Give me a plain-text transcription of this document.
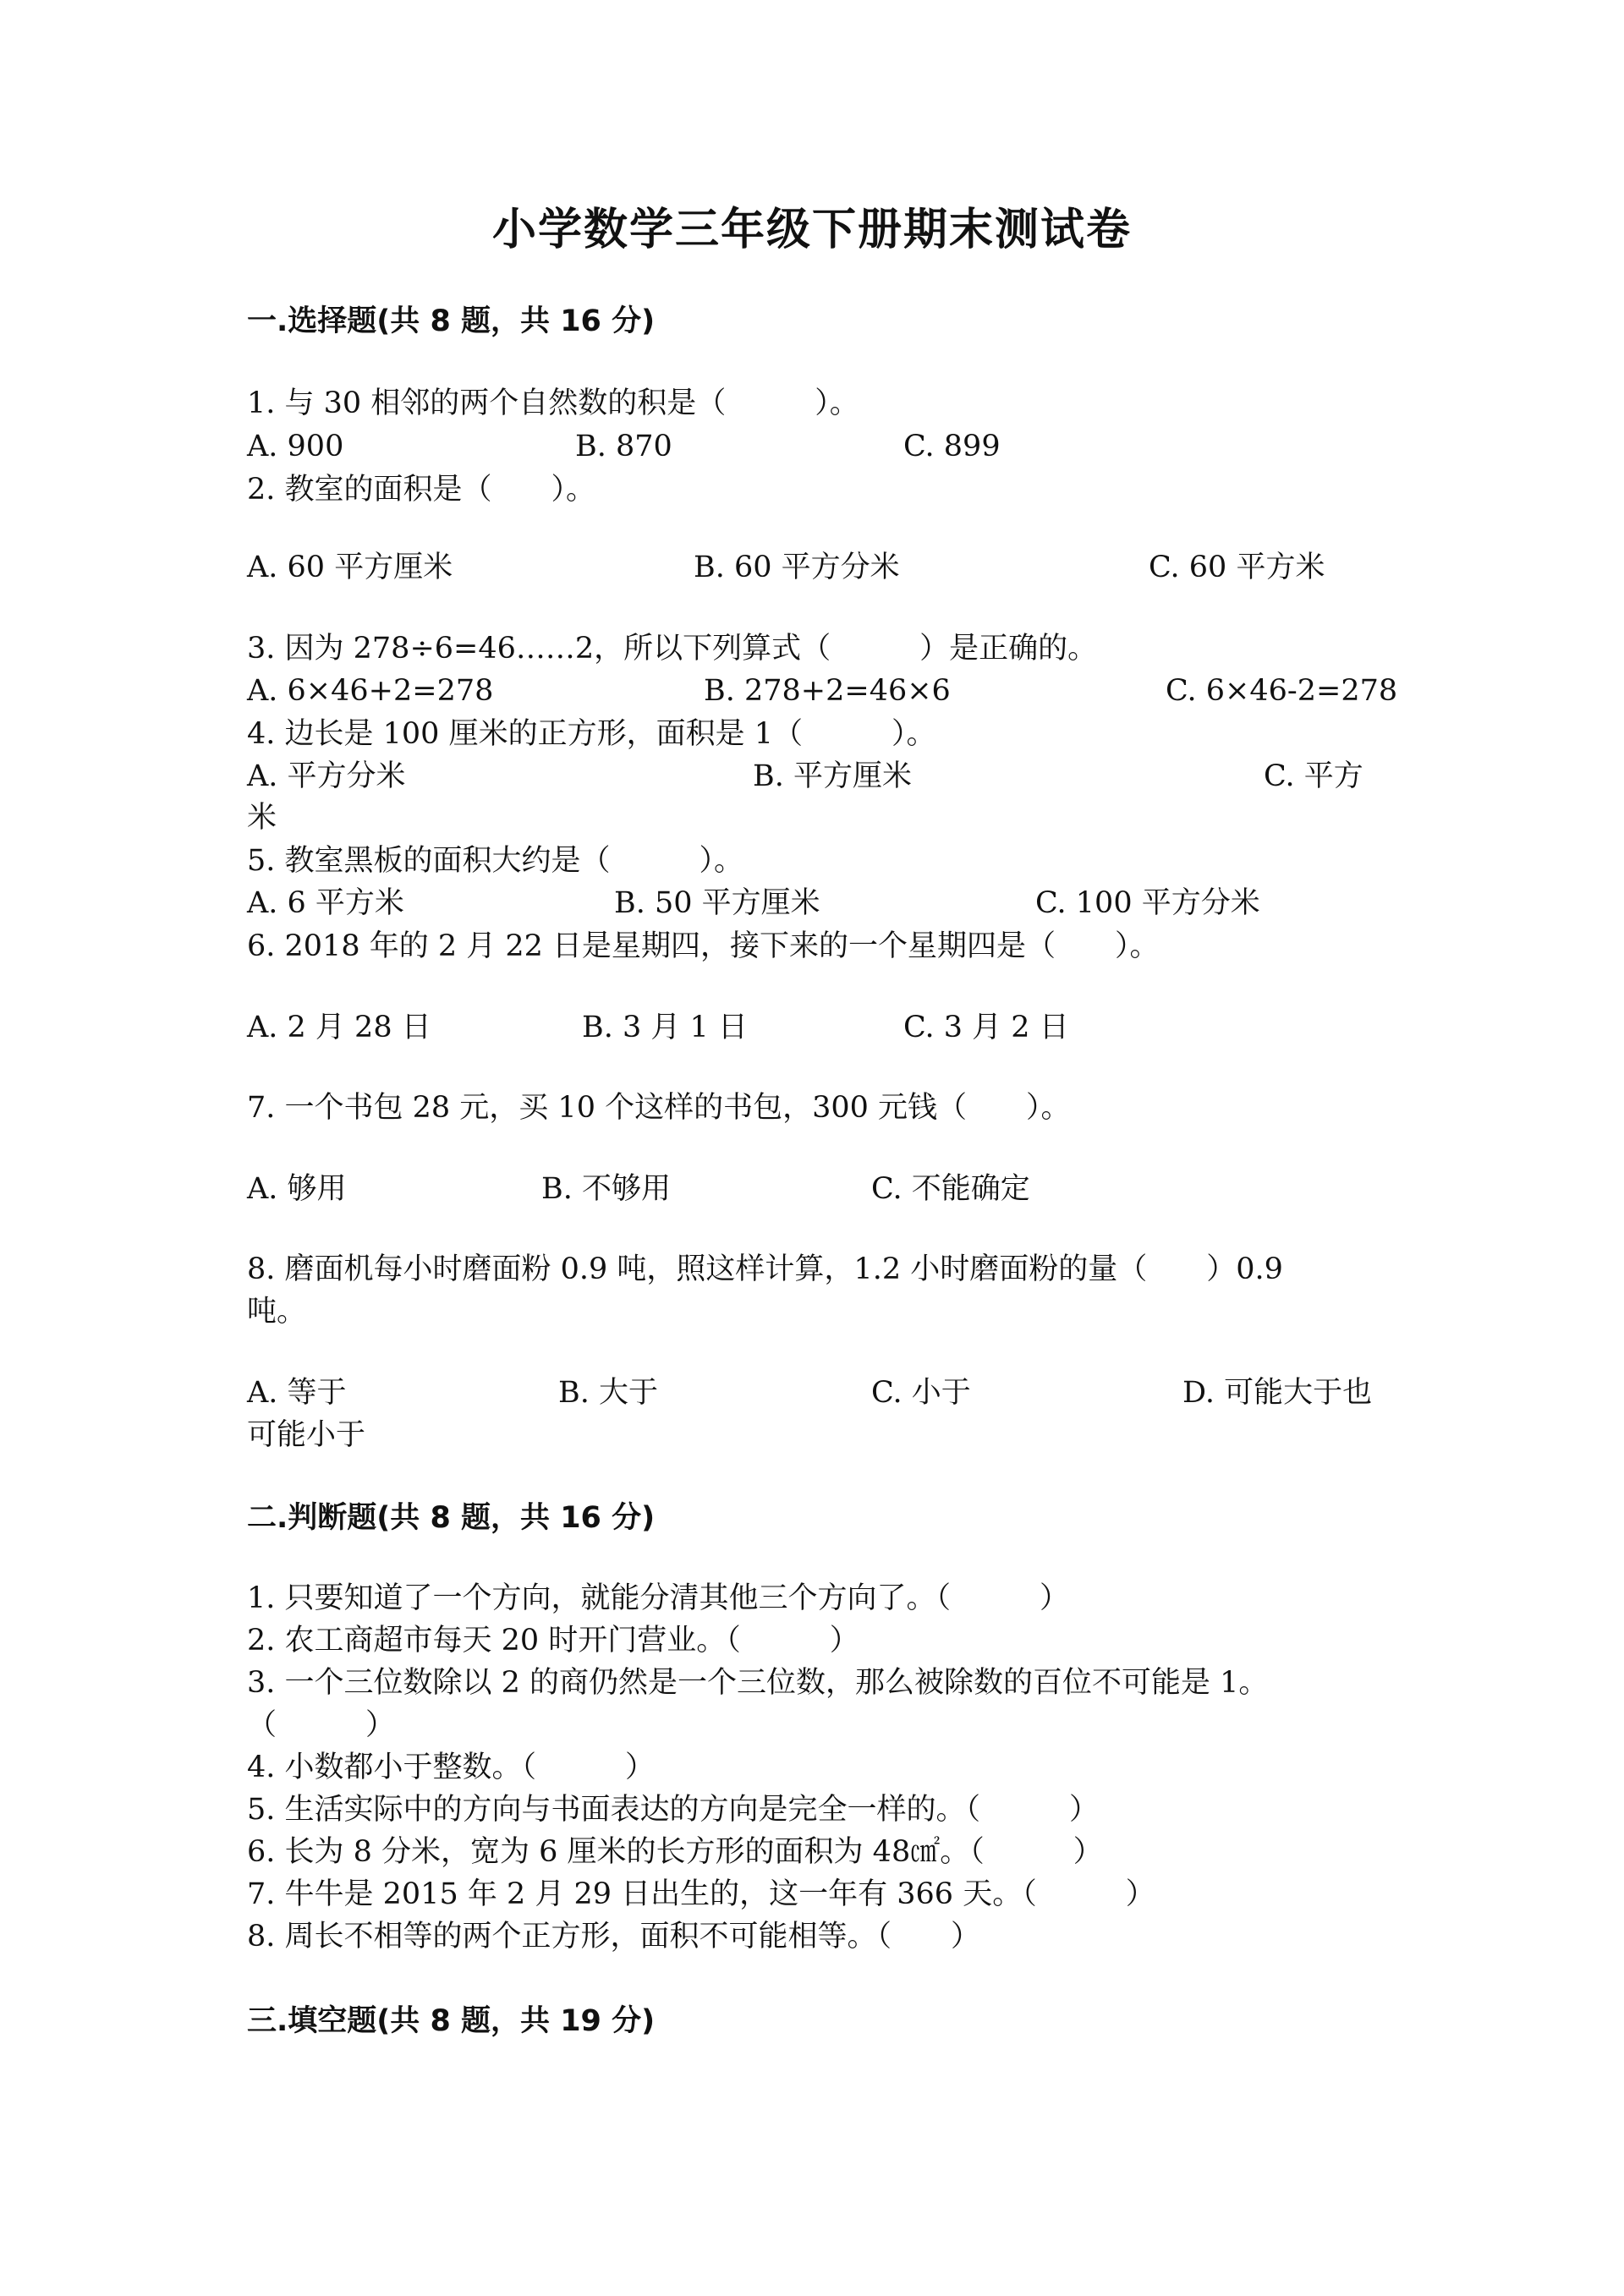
小学数学三年级下册期末测试卷
一.选择题(共 8 题，共 16 分)
1. 与 30 相邻的两个自然数的积是（　　　）。
A. 900	B. 870	C. 899
2. 教室的面积是（　　）。
A. 60 平方厘米	B. 60 平方分米	C. 60 平方米
3. 因为 278÷6=46……2，所以下列算式（　　　）是正确的。
A. 6×46+2=278	B. 278+2=46×6	C. 6×46-2=278
4. 边长是 100 厘米的正方形，面积是 1（　　　）。
A. 平方分米	B. 平方厘米	C. 平方
米
5. 教室黑板的面积大约是（　　　）。
A. 6 平方米	B. 50 平方厘米	C. 100 平方分米
6. 2018 年的 2 月 22 日是星期四，接下来的一个星期四是（　　）。
A. 2 月 28 日	B. 3 月 1 日	C. 3 月 2 日
7. 一个书包 28 元，买 10 个这样的书包，300 元钱（　　）。
A. 够用	B. 不够用	C. 不能确定
8. 磨面机每小时磨面粉 0.9 吨，照这样计算，1.2 小时磨面粉的量（　　）0.9
吨。
A. 等于	B. 大于	C. 小于	D. 可能大于也
可能小于
二.判断题(共 8 题，共 16 分)
1. 只要知道了一个方向，就能分清其他三个方向了。（　　　）
2. 农工商超市每天 20 时开门营业。（　　　）
3. 一个三位数除以 2 的商仍然是一个三位数，那么被除数的百位不可能是 1。
（　　　）
4. 小数都小于整数。（　　　）
5. 生活实际中的方向与书面表达的方向是完全一样的。（　　　）
6. 长为 8 分米，宽为 6 厘米的长方形的面积为 48㎠。（　　　）
7. 牛牛是 2015 年 2 月 29 日出生的，这一年有 366 天。（　　　）
8. 周长不相等的两个正方形，面积不可能相等。（　　）
三.填空题(共 8 题，共 19 分)
